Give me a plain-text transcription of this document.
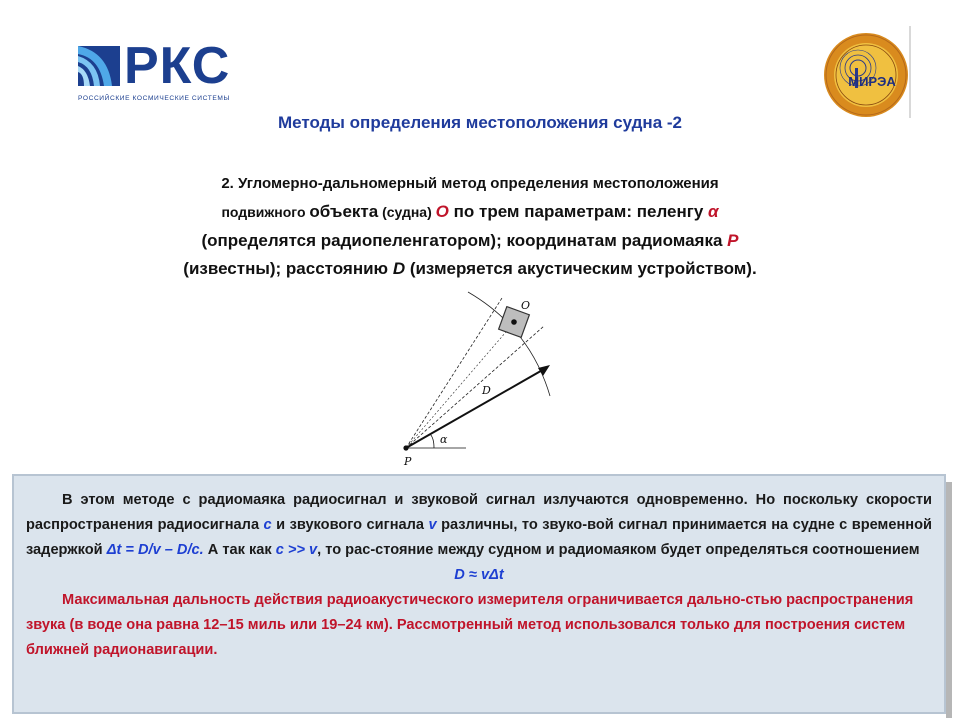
РКС
РОССИЙСКИЕ КОСМИЧЕСКИЕ СИСТЕМЫ
МИРЭА
Методы определения местоположения судна -2
2. Угломерно-дальномерный метод определения местоположения
подвижного объекта (судна) О по трем параметрам: пеленгу α
(определятся радиопеленгатором); координатам радиомаяка Р
(известны); расстоянию D (измеряется акустическим устройством).
O
D
α
P

В этом методе с радиомаяка радиосигнал и звуковой сигнал излучаются одновременно. Но поскольку скорости распространения радиосигнала с и звукового сигнала v различны, то звуко-вой сигнал принимается на судне с временной задержкой Δt = D/v – D/c. А так как c >> v, то рас-стояние между судном и радиомаяком будет определяться соотношением

D ≈ vΔt

Максимальная дальность действия радиоакустического измерителя ограничивается дально-стью распространения звука (в воде она равна 12–15 миль или 19–24 км). Рассмотренный метод использовался только для построения систем ближней радионавигации.
